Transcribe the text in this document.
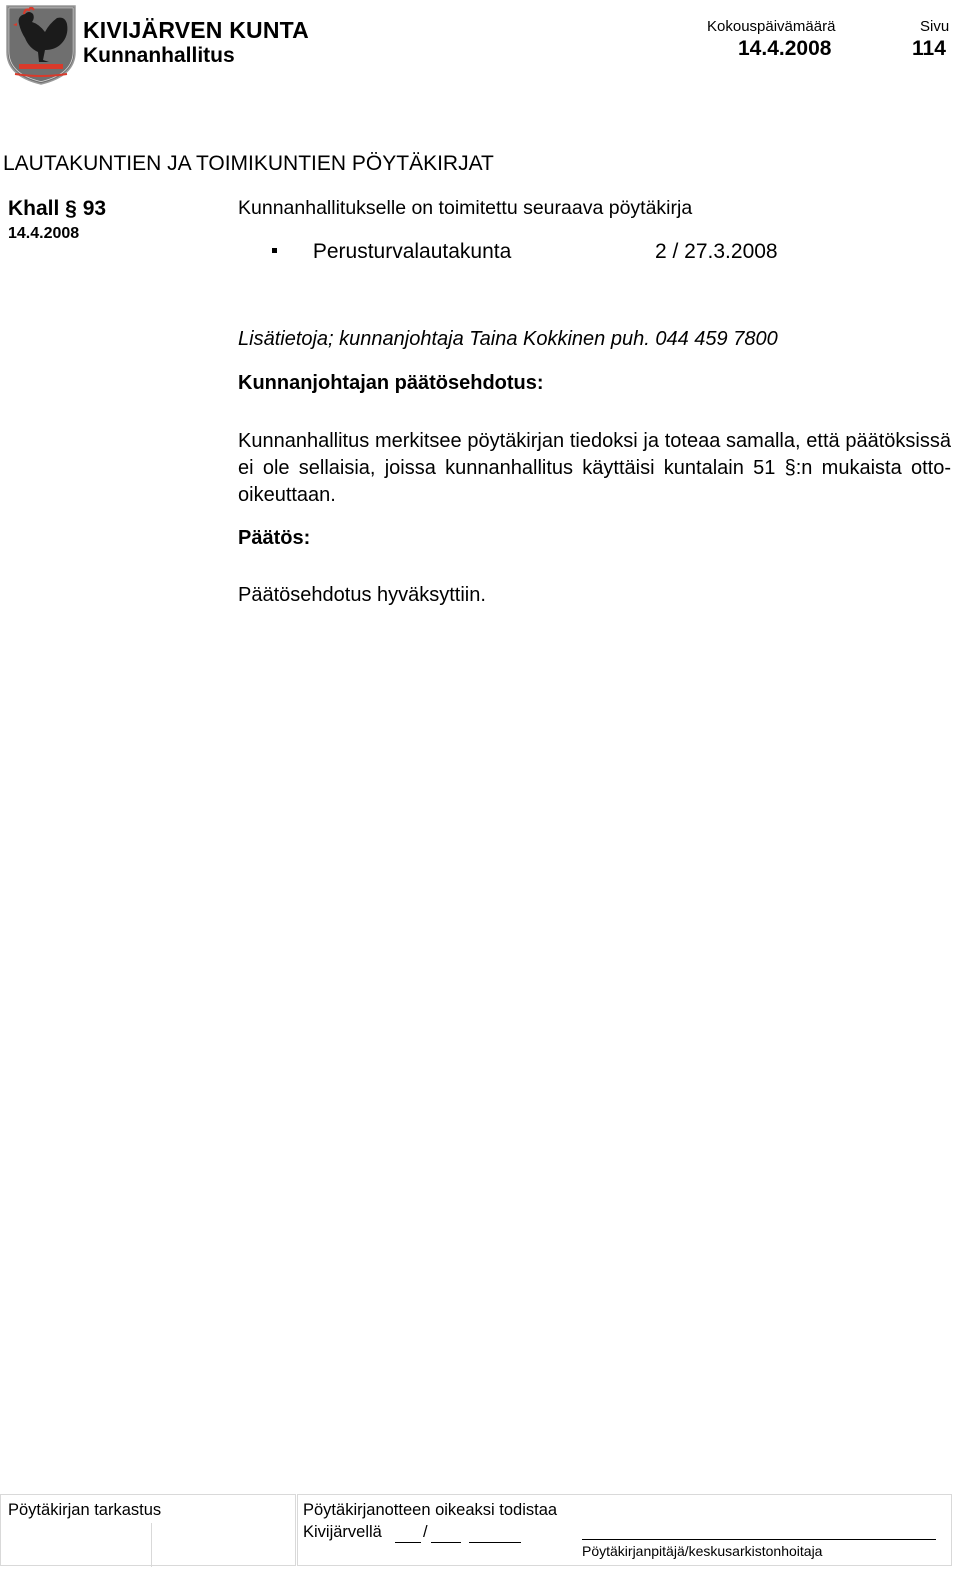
KIVIJÄRVEN KUNTA
Kunnanhallitus
Kokouspäivämäärä
14.4.2008
Sivu
114
LAUTAKUNTIEN JA TOIMIKUNTIEN PÖYTÄKIRJAT
Khall § 93
14.4.2008
Kunnanhallitukselle on toimitettu seuraava pöytäkirja
Perusturvalautakunta	2 / 27.3.2008
Lisätietoja; kunnanjohtaja Taina Kokkinen puh. 044 459 7800
Kunnanjohtajan päätösehdotus:
Kunnanhallitus merkitsee pöytäkirjan tiedoksi ja toteaa samalla, että päätöksissä ei ole sellaisia, joissa kunnanhallitus käyttäisi kuntalain 51 §:n mukaista otto-oikeuttaan.
Päätös:
Päätösehdotus hyväksyttiin.
Pöytäkirjan tarkastus	Pöytäkirjanotteen oikeaksi todistaa
Kivijärvellä /
Pöytäkirjanpitäjä/keskusarkistonhoitaja
